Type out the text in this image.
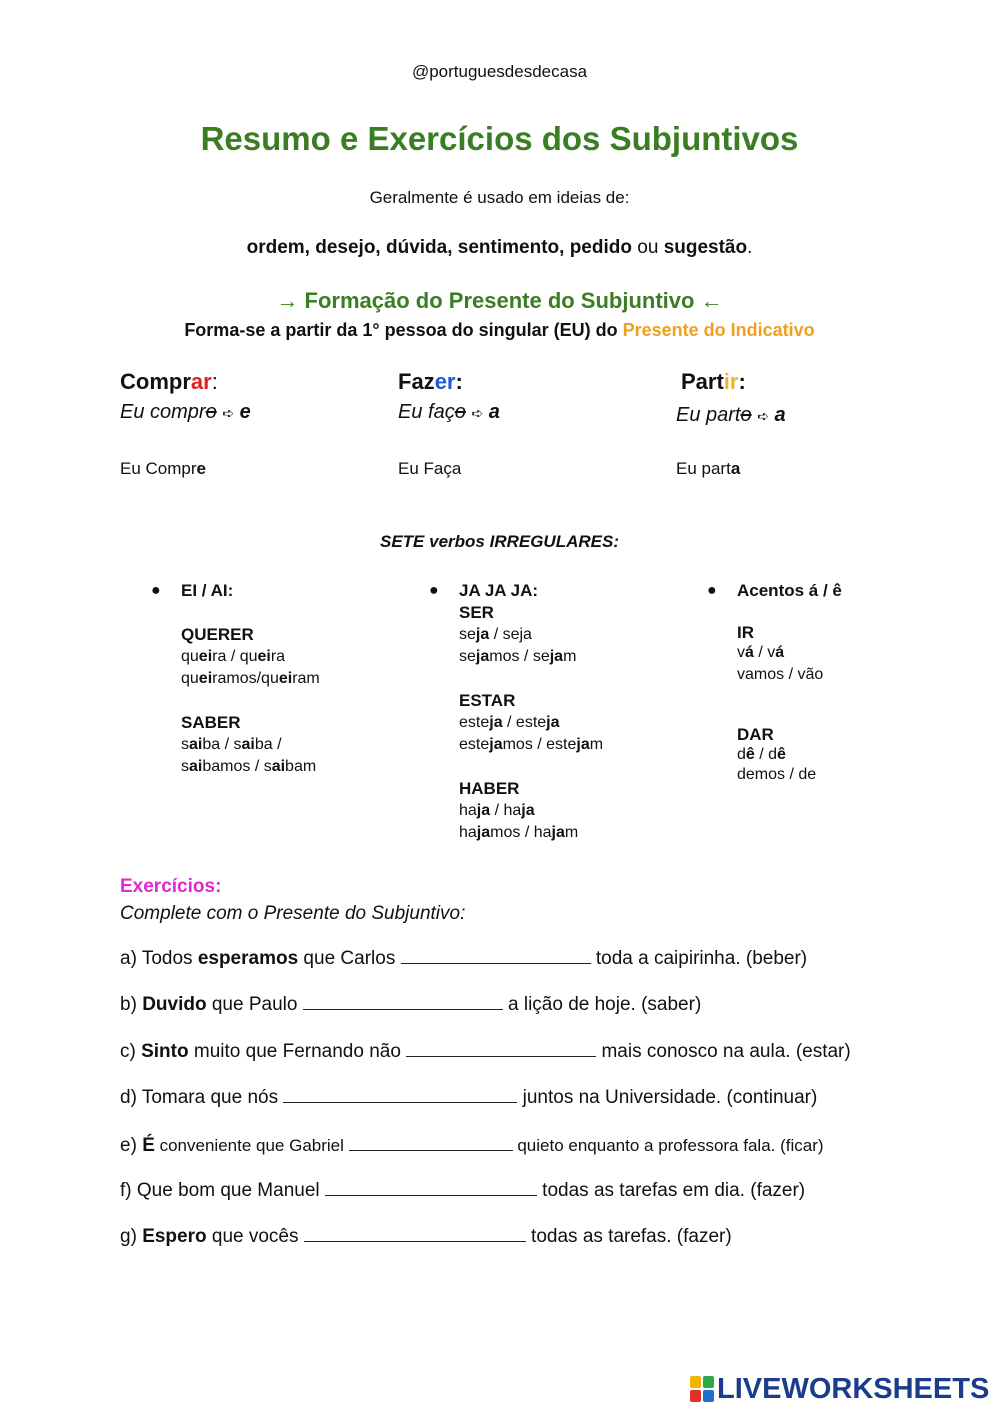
@portuguesdesdecasa
Resumo e Exercícios dos Subjuntivos
Geralmente é usado em ideias de:
ordem, desejo, dúvida, sentimento, pedido ou sugestão.
→ Formação do Presente do Subjuntivo ←
Forma-se a partir da 1° pessoa do singular (EU) do Presente do Indicativo
Comprar:
Eu compro ➪ e
Eu Compre
Fazer:
Eu faço ➪ a
Eu Faça
Partir:
Eu parto ➪ a
Eu parta
SETE verbos IRREGULARES:
● EI / AI:
QUERER
queira / queira
queiramos/queiram
SABER
saiba / saiba /
saibamos / saibam
● JA JA JA:
SER
seja / seja
sejamos / sejam
ESTAR
esteja / esteja
estejamos / estejam
HABER
haja / haja
hajamos / hajam
● Acentos á / ê
IR
vá / vá
vamos / vão
DAR
dê / dê
demos / de
Exercícios:
Complete com o Presente do Subjuntivo:
a) Todos esperamos que Carlos	toda a caipirinha. (beber)
b) Duvido que Paulo	a lição de hoje. (saber)
c) Sinto muito que Fernando não	mais conosco na aula. (estar)
d) Tomara que nós	juntos na Universidade. (continuar)
e) É conveniente que Gabriel	quieto enquanto a professora fala. (ficar)
f) Que bom que Manuel	todas as tarefas em dia. (fazer)
g) Espero que vocês	todas as tarefas. (fazer)
LIVEWORKSHEETS
